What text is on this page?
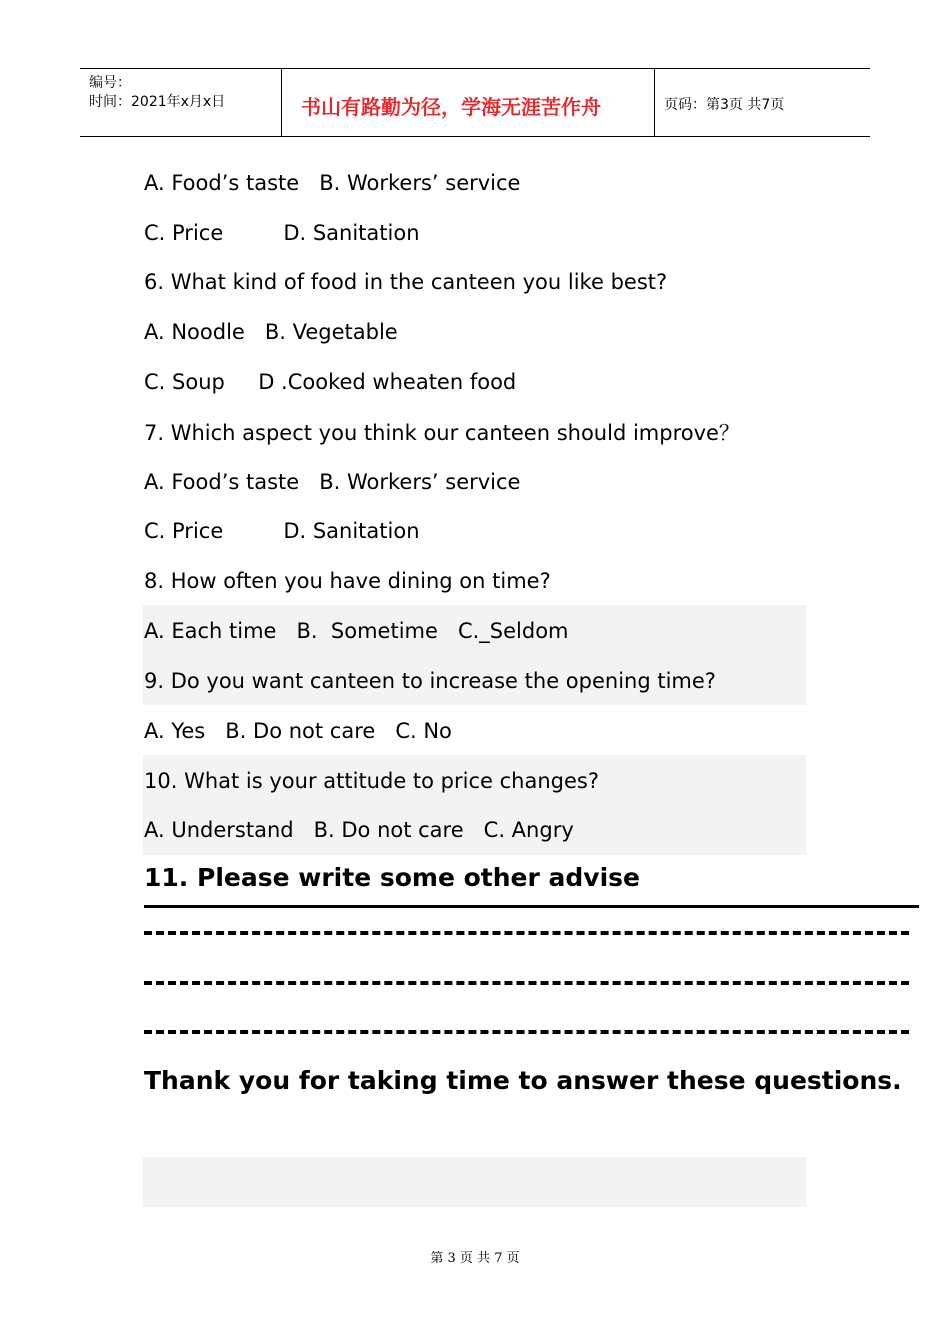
编号：
时间：2021年x月x日	书山有路勤为径，学海无涯苦作舟	页码：第3页 共7页
A. Food’s taste   B. Workers’ service
C. Price         D. Sanitation
6. What kind of food in the canteen you like best?
A. Noodle   B. Vegetable
C. Soup     D .Cooked wheaten food
7. Which aspect you think our canteen should improve？
A. Food’s taste   B. Workers’ service
C. Price         D. Sanitation
8. How often you have dining on time?
A. Each time   B.  Sometime   C._Seldom
9. Do you want canteen to increase the opening time?
A. Yes   B. Do not care   C. No
10. What is your attitude to price changes?
A. Understand   B. Do not care   C. Angry
11. Please write some other advise
Thank you for taking time to answer these questions.
第 3 页 共 7 页
